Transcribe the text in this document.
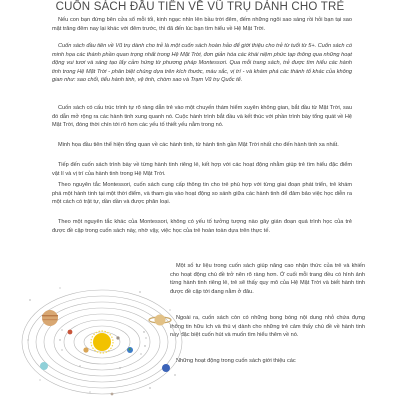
CUỐN SÁCH ĐẦU TIÊN VỀ VŨ TRỤ DÀNH CHO TRẺ

Nếu con bạn đứng bên cửa sổ mỗi tối, kinh ngạc nhìn lên bầu trời đêm, đếm những ngôi sao sáng rồi hỏi bạn tại sao mặt trăng đêm nay lại khác với đêm trước, thì đã đến lúc bạn tìm hiểu về Hệ Mặt Trời.

Cuốn sách đầu tiên về Vũ trụ dành cho trẻ là một cuốn sách hoàn hảo để giới thiệu cho trẻ từ tuổi từ 5+. Cuốn sách có minh họa các thành phần quan trọng nhất trong Hệ Mặt Trời, đơn giản hóa các khái niệm phức tạp thông qua những hoạt động vui tươi và sáng tạo lấy cảm hứng từ phương pháp Montessori. Qua mỗi trang sách, trẻ được tìm hiểu các hành tinh trong Hệ Mặt Trời - phân biệt chúng dựa trên kích thước, màu sắc, vị trí - và khám phá các thành tố khác của không gian như: sao chổi, tiểu hành tinh, vệ tinh, chòm sao và Trạm Vũ trụ Quốc tế.

Cuốn sách có cấu trúc trình tự rõ ràng dẫn trẻ vào một chuyến thám hiểm xuyên không gian, bắt đầu từ Mặt Trời, sau đó dẫn mở rộng ra các hành tinh xung quanh nó. Cuộc hành trình bắt đầu và kết thúc với phần trình bày tổng quát về Hệ Mặt Trời, đóng thời chín tới rõ hơn các yếu tố thiết yếu nằm trong nó.

Minh họa đầu tiên thể hiện tổng quan về các hành tinh, từ hành tinh gần Mặt Trời nhất cho đến hành tinh xa nhất.

Tiếp đến cuốn sách trình bày về từng hành tinh riêng lẻ, kết hợp với các hoạt động nhằm giúp trẻ tìm hiểu đặc điểm vật lí và vị trí của hành tinh trong Hệ Mặt Trời.

Theo nguyên tắc Montessori, cuốn sách cung cấp thông tin cho trẻ phù hợp với từng giai đoạn phát triển, trẻ khám phá một hành tinh tại một thời điểm, và tham gia vào hoạt động so sánh giữa các hành tinh để đảm bảo việc học diễn ra một cách có trật tự, dần dần và được phân loại.

Theo một nguyên tắc khác của Montessori, không có yếu tố tưởng tượng nào gây gián đoạn quá trình học của trẻ được đề cập trong cuốn sách này, nhờ vậy, việc học của trẻ hoàn toàn dựa trên thực tế.

Một số tư liệu trong cuốn sách giúp nâng cao nhận thức của trẻ và khiến cho hoạt động chú đề trở nên rõ ràng hơn. Ở cuối mỗi trang đều có hình ảnh từng hành tinh riêng lẻ, trẻ sẽ thấy quy mô của Hệ Mặt Trời và biết hành tinh được đề cập tới đang nằm ở đâu.

Ngoài ra, cuốn sách còn có những bong bóng nội dung nhỏ chứa đựng thông tin hữu ích và thú vị dành cho những trẻ cảm thấy chú đề về hành tinh này đặc biệt cuốn hút và muốn tìm hiểu thêm về nó.

Những hoạt động trong cuốn sách giới thiệu các
